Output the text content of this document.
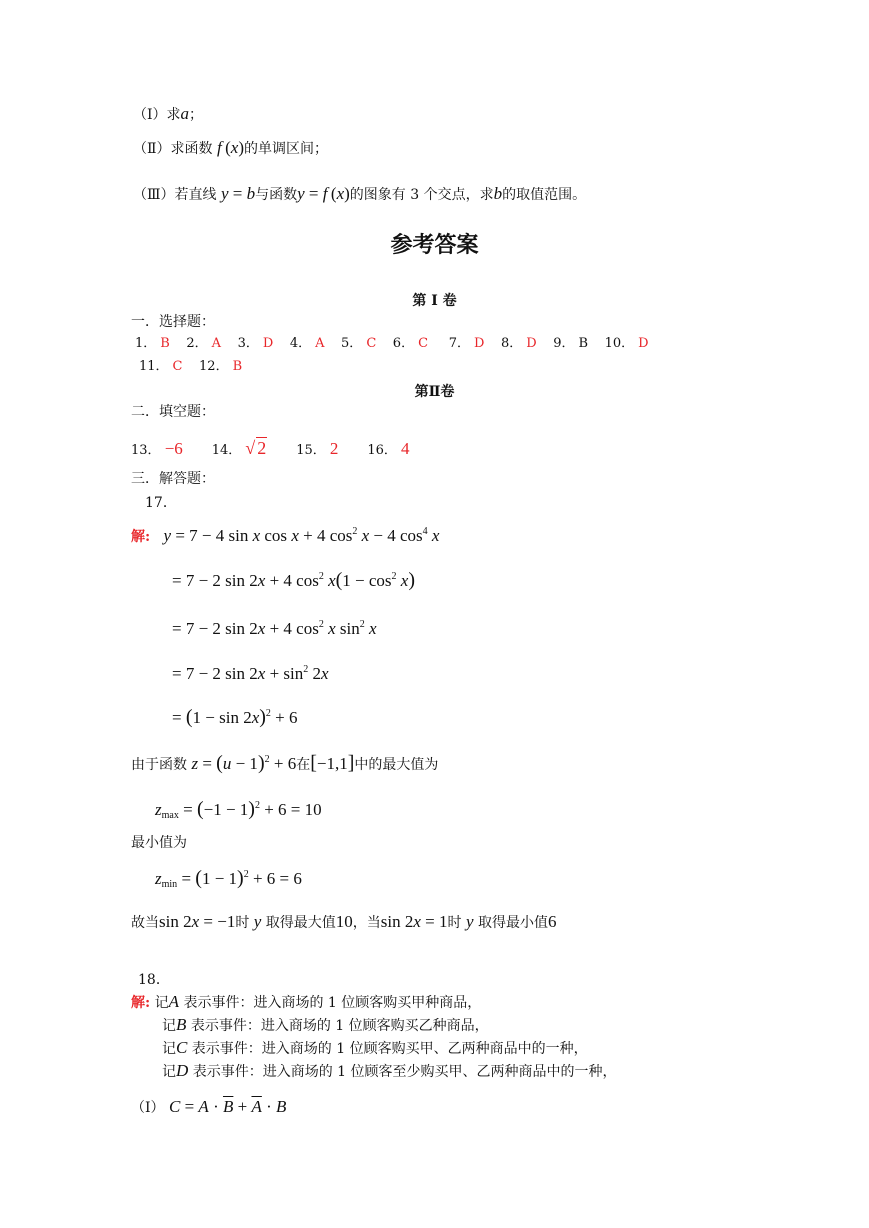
（Ⅰ）求a；
（Ⅱ）求函数 f (x)的单调区间；
（Ⅲ）若直线 y = b与函数y = f (x)的图象有 3 个交点，求b的取值范围。
参考答案
第 I 卷
一．选择题：
1． B 2． A 3． D 4． A 5． C 6． C 7． D 8． D 9． B 10． D
11． C 12． B
第Ⅱ卷
二．填空题：
13． −6 14． √ 2 15． 2 16． 4
三．解答题：
17．
解: y = 7 − 4 sin x cos x + 4 $\cos^2 x - 4$ $\cos^4 x$
= 7 − 2 sin 2x + 4 $\cos^2 x(1 - \cos^2 x)$
= 7 − 2 sin 2x + 4 $\cos^2 x$ $\sin^2 x$
= 7 − 2 $\sin 2x + \sin^2 2x$
= $(1 - \sin 2x)^2 + 6$
由于函数 $z = (u - 1)^2 + 6$在[−1,1]中的最大值为
$z_{max} = (-1 - 1)^2 + 6 = 10$
最小值为
$z_{min} = (1 - 1)^2 + 6 = 6$
故当sin 2x = −1时 y 取得最大值10，当sin 2x = 1时 y 取得最小值6
18．
解: 记A 表示事件：进入商场的 1 位顾客购买甲种商品，
记B 表示事件：进入商场的 1 位顾客购买乙种商品，
记C 表示事件：进入商场的 1 位顾客购买甲、乙两种商品中的一种，
记D 表示事件：进入商场的 1 位顾客至少购买甲、乙两种商品中的一种，
（Ⅰ） $C = A \cdot \overline{B} + \overline{A} \cdot B$
